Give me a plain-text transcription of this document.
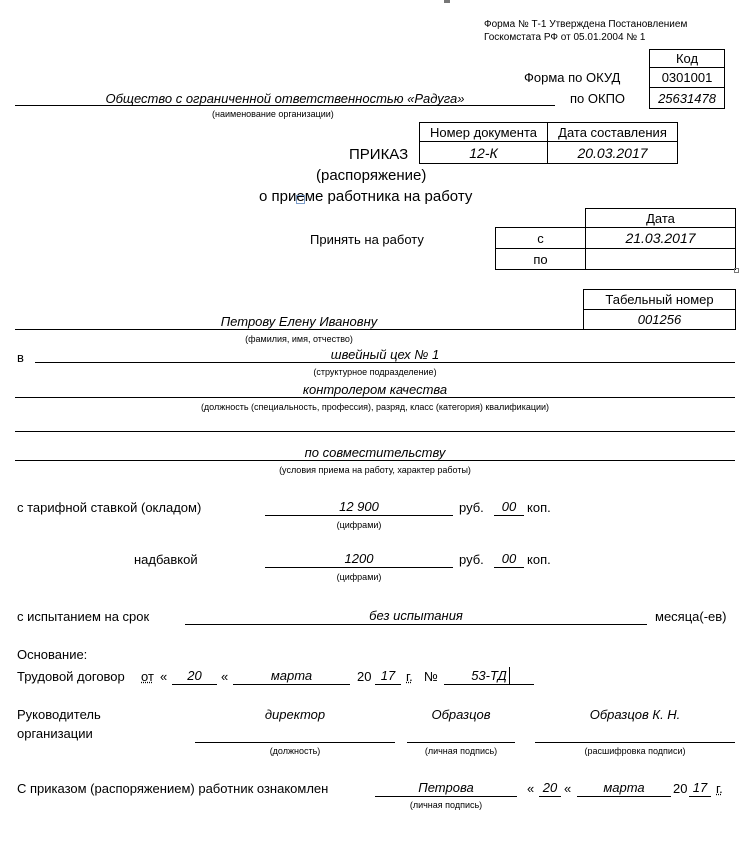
Форма № Т-1 Утверждена Постановлением
Госкомстата РФ от 05.01.2004 № 1
Код
Форма по ОКУД	0301001
по ОКПО	25631478
Общество с ограниченной ответственностью «Радуга»
(наименование организации)
Номер документа	Дата составления
12-К	20.03.2017
ПРИКАЗ
(распоряжение)
о приеме работника на работу
Дата
Принять на работу	с	21.03.2017
по
Табельный номер
001256
Петрову Елену Ивановну
(фамилия, имя, отчество)
в	швейный цех № 1
(структурное подразделение)
контролером качества
(должность (специальность, профессия), разряд, класс (категория) квалификации)
по совместительству
(условия приема на работу, характер работы)
с тарифной ставкой (окладом)	12 900
(цифрами)
руб.	00 коп.
надбавкой	1200
(цифрами)
руб.	00 коп.
с испытанием на срок	без испытания	месяца(-ев)
Основание:
Трудовой договор от «	20	«	марта	20 17 г. №	53-ТД
Руководитель
организации
директор	Образцов	Образцов К. Н.
(должность)	(личная подпись)	(расшифровка подписи)
С приказом (распоряжением) работник ознакомлен	Петрова
(личная подпись)
« 20 «	марта	20 17 г.
